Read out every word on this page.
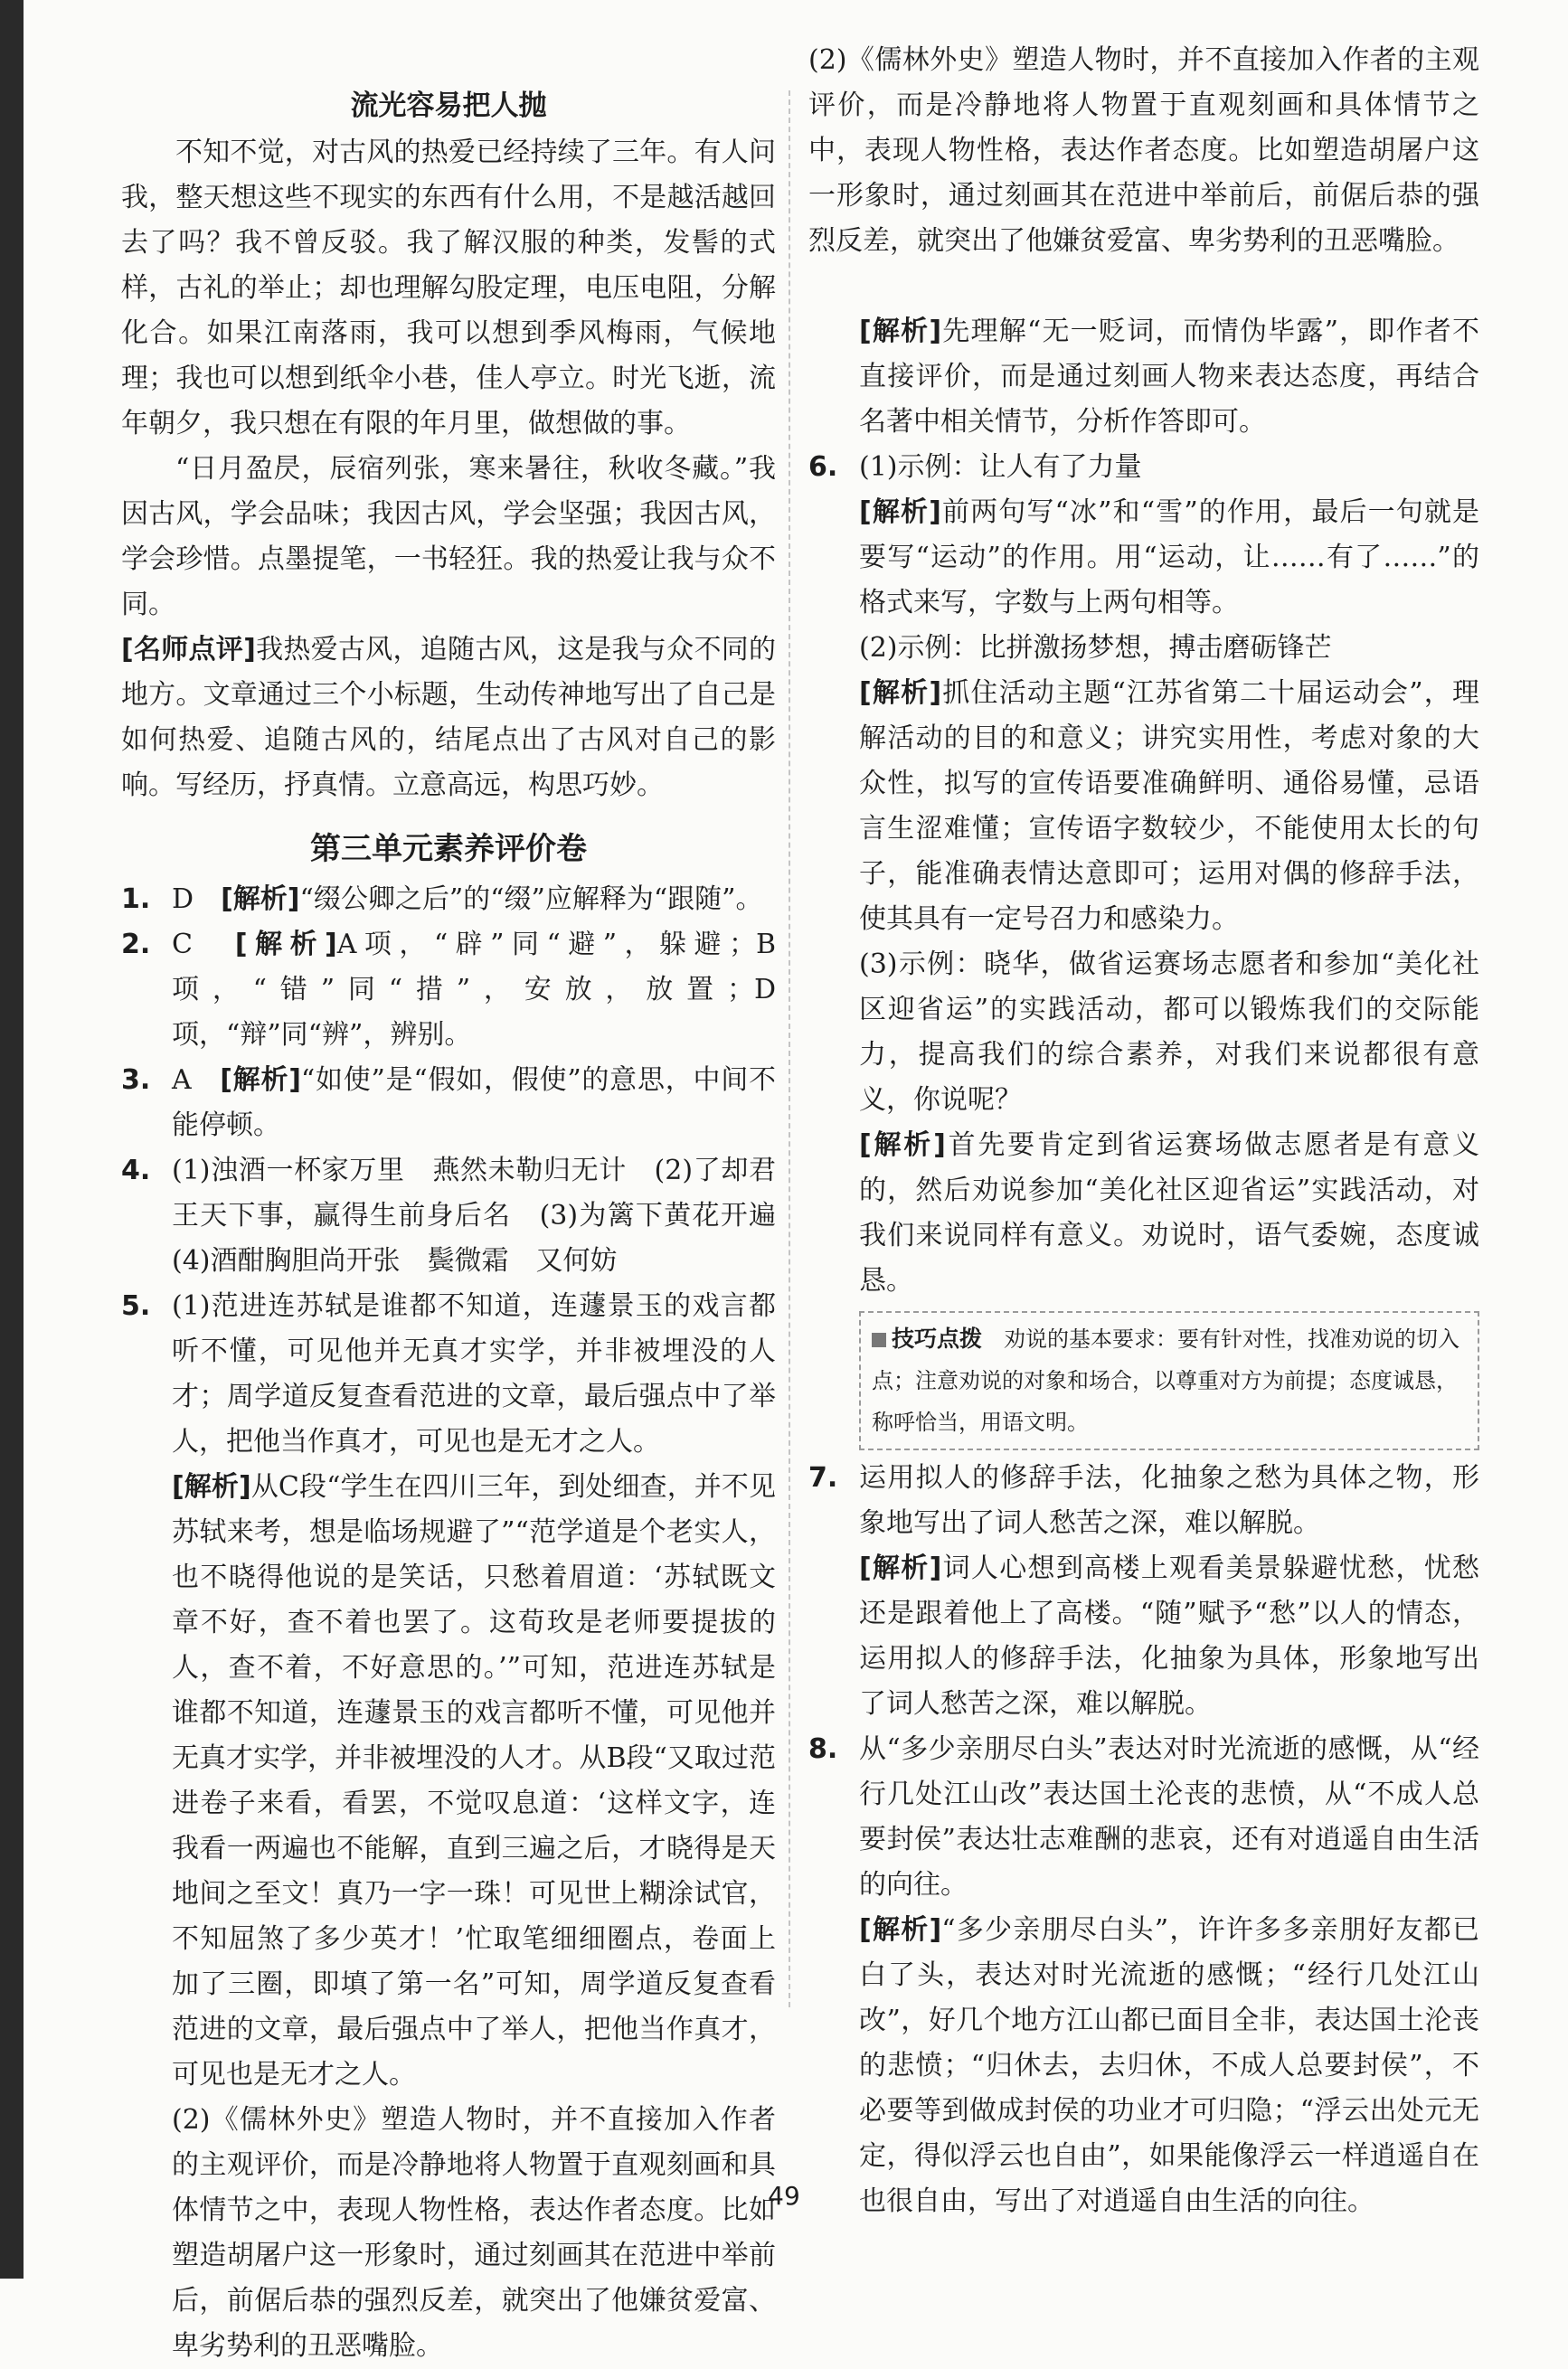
流光容易把人抛

不知不觉，对古风的热爱已经持续了三年。有人问我，整天想这些不现实的东西有什么用，不是越活越回去了吗？我不曾反驳。我了解汉服的种类，发髻的式样，古礼的举止；却也理解勾股定理，电压电阻，分解化合。如果江南落雨，我可以想到季风梅雨，气候地理；我也可以想到纸伞小巷，佳人亭立。时光飞逝，流年朝夕，我只想在有限的年月里，做想做的事。

“日月盈昃，辰宿列张，寒来暑往，秋收冬藏。”我因古风，学会品味；我因古风，学会坚强；我因古风，学会珍惜。点墨提笔，一书轻狂。我的热爱让我与众不同。

[名师点评]我热爱古风，追随古风，这是我与众不同的地方。文章通过三个小标题，生动传神地写出了自己是如何热爱、追随古风的，结尾点出了古风对自己的影响。写经历，抒真情。立意高远，构思巧妙。

第三单元素养评价卷
1. D　 [解析]“缀公卿之后”的“缀”应解释为“跟随”。

2. C　 [解析]A项，“辟”同“避”，躲避；B项，“错”同“措”，安放，放置；D项，“辩”同“辨”，辨别。

3. A　 [解析]“如使”是“假如，假使”的意思，中间不能停顿。

4. (1)浊酒一杯家万里　燕然未勒归无计　(2)了却君王天下事，赢得生前身后名　(3)为篱下黄花开遍　(4)酒酣胸胆尚开张　鬓微霜　又何妨

5. (1)范进连苏轼是谁都不知道，连蘧景玉的戏言都听不懂，可见他并无真才实学，并非被埋没的人才；周学道反复查看范进的文章，最后强点中了举人，把他当作真才，可见也是无才之人。

[解析]从C段“学生在四川三年，到处细查，并不见苏轼来考，想是临场规避了”“范学道是个老实人，也不晓得他说的是笑话，只愁着眉道：‘苏轼既文章不好，查不着也罢了。这荀玫是老师要提拔的人，查不着，不好意思的。’”可知，范进连苏轼是谁都不知道，连蘧景玉的戏言都听不懂，可见他并无真才实学，并非被埋没的人才。从B段“又取过范进卷子来看，看罢，不觉叹息道：‘这样文字，连我看一两遍也不能解，直到三遍之后，才晓得是天地间之至文！真乃一字一珠！可见世上糊涂试官，不知屈煞了多少英才！’忙取笔细细圈点，卷面上加了三圈，即填了第一名”可知，周学道反复查看范进的文章，最后强点中了举人，把他当作真才，可见也是无才之人。

(2)《儒林外史》塑造人物时，并不直接加入作者的主观评价，而是冷静地将人物置于直观刻画和具体情节之中，表现人物性格，表达作者态度。比如塑造胡屠户这一形象时，通过刻画其在范进中举前后，前倨后恭的强烈反差，就突出了他嫌贫爱富、卑劣势利的丑恶嘴脸。

(2)《儒林外史》塑造人物时，并不直接加入作者的主观评价，而是冷静地将人物置于直观刻画和具体情节之中，表现人物性格，表达作者态度。比如塑造胡屠户这一形象时，通过刻画其在范进中举前后，前倨后恭的强烈反差，就突出了他嫌贫爱富、卑劣势利的丑恶嘴脸。

[解析]先理解“无一贬词，而情伪毕露”，即作者不直接评价，而是通过刻画人物来表达态度，再结合名著中相关情节，分析作答即可。

6. (1)示例：让人有了力量

[解析]前两句写“冰”和“雪”的作用，最后一句就是要写“运动”的作用。用“运动，让……有了……”的格式来写，字数与上两句相等。

(2)示例：比拼激扬梦想，搏击磨砺锋芒

[解析]抓住活动主题“江苏省第二十届运动会”，理解活动的目的和意义；讲究实用性，考虑对象的大众性，拟写的宣传语要准确鲜明、通俗易懂，忌语言生涩难懂；宣传语字数较少，不能使用太长的句子，能准确表情达意即可；运用对偶的修辞手法，使其具有一定号召力和感染力。

(3)示例：晓华，做省运赛场志愿者和参加“美化社区迎省运”的实践活动，都可以锻炼我们的交际能力，提高我们的综合素养，对我们来说都很有意义，你说呢？

[解析]首先要肯定到省运赛场做志愿者是有意义的，然后劝说参加“美化社区迎省运”实践活动，对我们来说同样有意义。劝说时，语气委婉，态度诚恳。

技巧点拨　 劝说的基本要求：要有针对性，找准劝说的切入点；注意劝说的对象和场合，以尊重对方为前提；态度诚恳，称呼恰当，用语文明。
7. 运用拟人的修辞手法，化抽象之愁为具体之物，形象地写出了词人愁苦之深，难以解脱。

[解析]词人心想到高楼上观看美景躲避忧愁，忧愁还是跟着他上了高楼。“随”赋予“愁”以人的情态，运用拟人的修辞手法，化抽象为具体，形象地写出了词人愁苦之深，难以解脱。

8. 从“多少亲朋尽白头”表达对时光流逝的感慨，从“经行几处江山改”表达国土沦丧的悲愤，从“不成人总要封侯”表达壮志难酬的悲哀，还有对逍遥自由生活的向往。

[解析]“多少亲朋尽白头”，许许多多亲朋好友都已白了头，表达对时光流逝的感慨；“经行几处江山改”，好几个地方江山都已面目全非，表达国土沦丧的悲愤；“归休去，去归休，不成人总要封侯”，不必要等到做成封侯的功业才可归隐；“浮云出处元无定，得似浮云也自由”，如果能像浮云一样逍遥自在也很自由，写出了对逍遥自由生活的向往。

49
